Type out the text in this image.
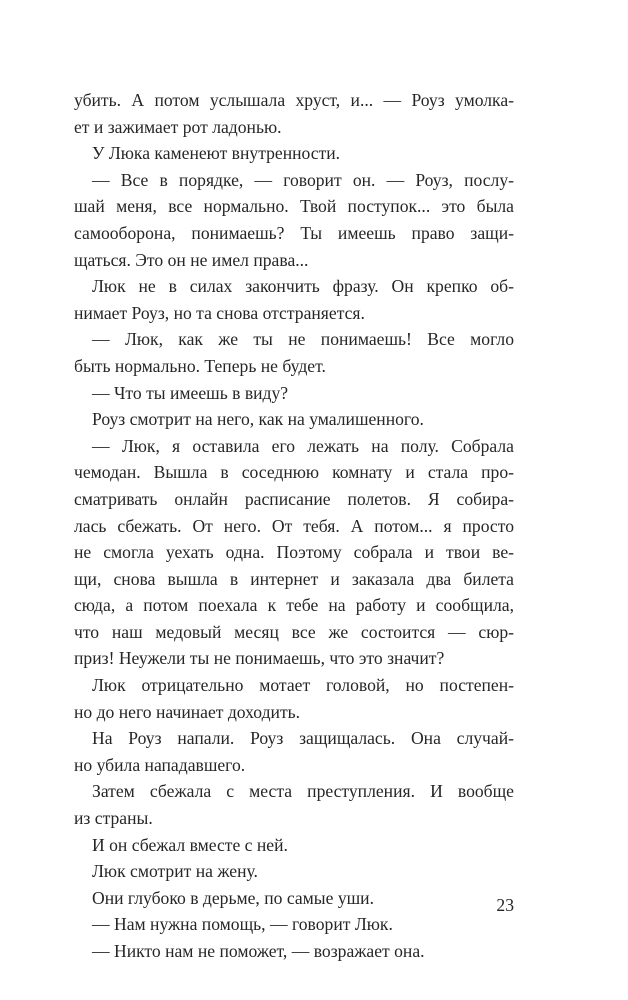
убить. А потом услышала хруст, и... — Роуз умолка-
ет и зажимает рот ладонью.
У Люка каменеют внутренности.
— Все в порядке, — говорит он. — Роуз, послу-
шай меня, все нормально. Твой поступок... это была
самооборона, понимаешь? Ты имеешь право защи-
щаться. Это он не имел права...
Люк не в силах закончить фразу. Он крепко об-
нимает Роуз, но та снова отстраняется.
— Люк, как же ты не понимаешь! Все могло
быть нормально. Теперь не будет.
— Что ты имеешь в виду?
Роуз смотрит на него, как на умалишенного.
— Люк, я оставила его лежать на полу. Собрала
чемодан. Вышла в соседнюю комнату и стала про-
сматривать онлайн расписание полетов. Я собира-
лась сбежать. От него. От тебя. А потом... я просто
не смогла уехать одна. Поэтому собрала и твои ве-
щи, снова вышла в интернет и заказала два билета
сюда, а потом поехала к тебе на работу и сообщила,
что наш медовый месяц все же состоится — сюр-
приз! Неужели ты не понимаешь, что это значит?
Люк отрицательно мотает головой, но постепен-
но до него начинает доходить.
На Роуз напали. Роуз защищалась. Она случай-
но убила нападавшего.
Затем сбежала с места преступления. И вообще
из страны.
И он сбежал вместе с ней.
Люк смотрит на жену.
Они глубоко в дерьме, по самые уши.
— Нам нужна помощь, — говорит Люк.
— Никто нам не поможет, — возражает она.
23
